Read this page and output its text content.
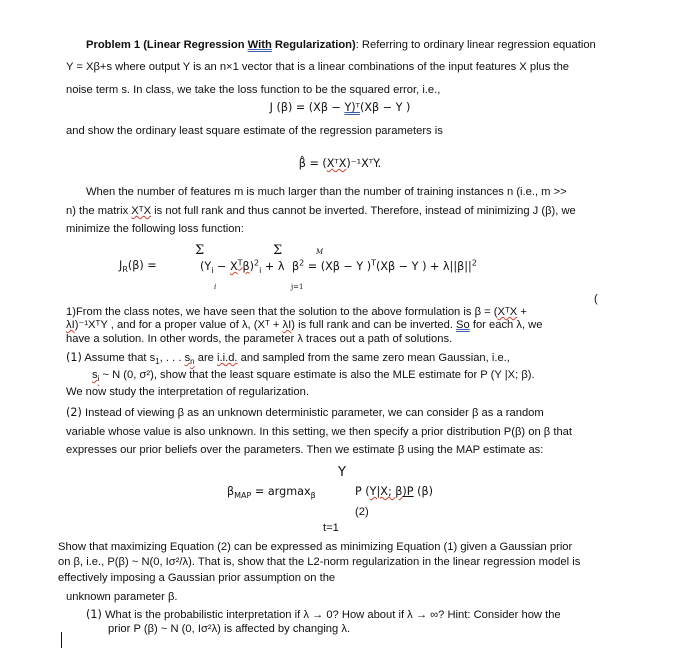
Problem 1 (Linear Regression With Regularization): Referring to ordinary linear regression equation
Y = Xβ+s where output Y is an n×1 vector that is a linear combinations of the input features X plus the
noise term s. In class, we take the loss function to be the squared error, i.e.,
J (β) = (Xβ − Y)ᵀ(Xβ − Y )
and show the ordinary least square estimate of the regression parameters is
β̂ = (XᵀX)⁻¹XᵀY.
When the number of features m is much larger than the number of training instances n (i.e., m >>
n) the matrix XᵀX is not full rank and thus cannot be inverted. Therefore, instead of minimizing J (β), we
minimize the following loss function:
Σ	Σ	M
$J_R(\beta)$ =	$(Y_i - X^T\beta)^2_i + \lambda$ $\beta^2 = (X\beta - Y$ )$^T$(Xβ − Y ) + $\lambda||\beta||^2$
j=1
i
(
1)From the class notes, we have seen that the solution to the above formulation is β = (XᵀX +
λI)⁻¹XᵀY , and for a proper value of λ, (Xᵀ + λI) is full rank and can be inverted. So for each λ, we
have a solution. In other words, the parameter λ traces out a path of solutions.
(1) Assume that $s_1$, . . . $s_n$ are i.i.d. and sampled from the same zero mean Gaussian, i.e.,
$s_i$ ~ N (0, σ²), show that the least square estimate is also the MLE estimate for P (Y |X; β).
We now study the interpretation of regularization.
(2) Instead of viewing β as an unknown deterministic parameter, we can consider β as a random
variable whose value is also unknown. In this setting, we then specify a prior distribution P(β) on β that
expresses our prior beliefs over the parameters. Then we estimate β using the MAP estimate as:
Υ
$\beta_{MAP} = argmax_\beta$	P (Y|X; β)P (β)
(2)
t=1
Show that maximizing Equation (2) can be expressed as minimizing Equation (1) given a Gaussian prior
on β, i.e., P(β) ~ N(0, Iσ²/λ). That is, show that the L2-norm regularization in the linear regression model is
effectively imposing a Gaussian prior assumption on the
unknown parameter β.
(1) What is the probabilistic interpretation if λ → 0? How about if λ → ∞? Hint: Consider how the
prior P (β) ~ N (0, Iσ²λ) is affected by changing λ.
